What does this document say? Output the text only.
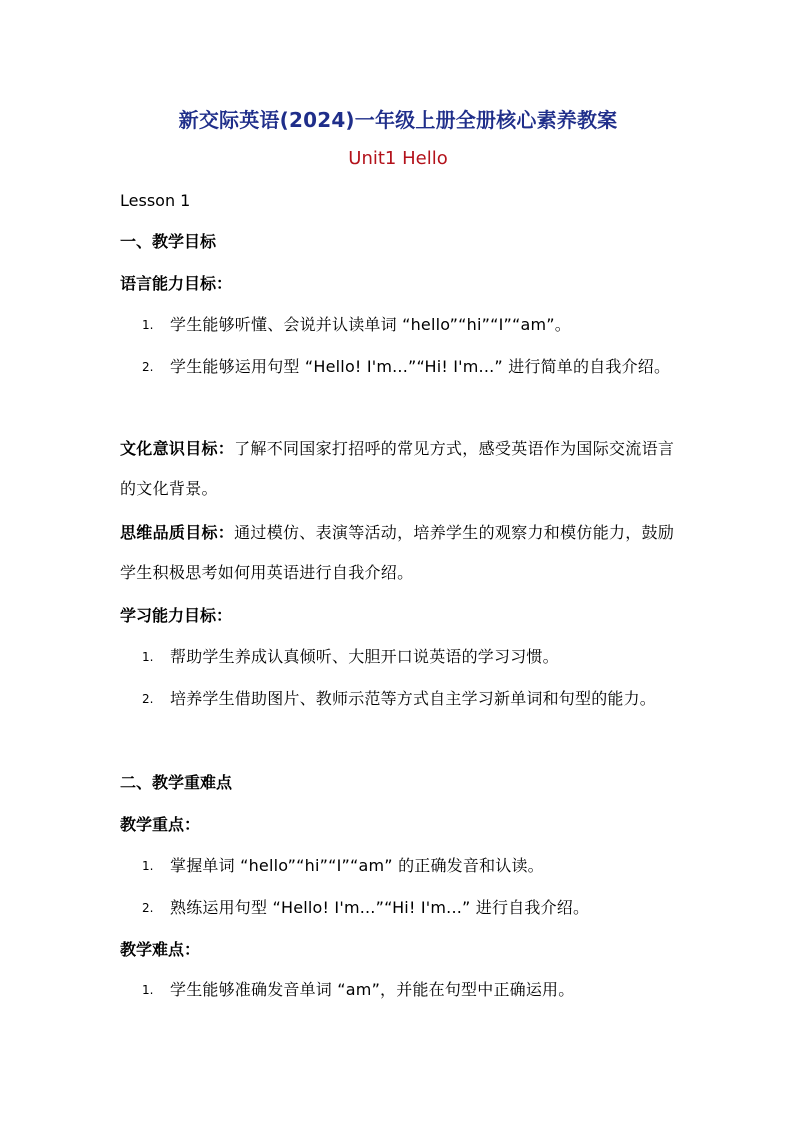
新交际英语(2024)一年级上册全册核心素养教案
Unit1 Hello
Lesson 1
一、教学目标
语言能力目标：
1.	学生能够听懂、会说并认读单词 “hello”“hi”“I”“am”。
2.	学生能够运用句型 “Hello! I'm...”“Hi! I'm...” 进行简单的自我介绍。
文化意识目标：了解不同国家打招呼的常见方式，感受英语作为国际交流语言的文化背景。
思维品质目标：通过模仿、表演等活动，培养学生的观察力和模仿能力，鼓励学生积极思考如何用英语进行自我介绍。
学习能力目标：
1.	帮助学生养成认真倾听、大胆开口说英语的学习习惯。
2.	培养学生借助图片、教师示范等方式自主学习新单词和句型的能力。
二、教学重难点
教学重点：
1.	掌握单词 “hello”“hi”“I”“am” 的正确发音和认读。
2.	熟练运用句型 “Hello! I'm...”“Hi! I'm...” 进行自我介绍。
教学难点：
1.	学生能够准确发音单词 “am”，并能在句型中正确运用。
